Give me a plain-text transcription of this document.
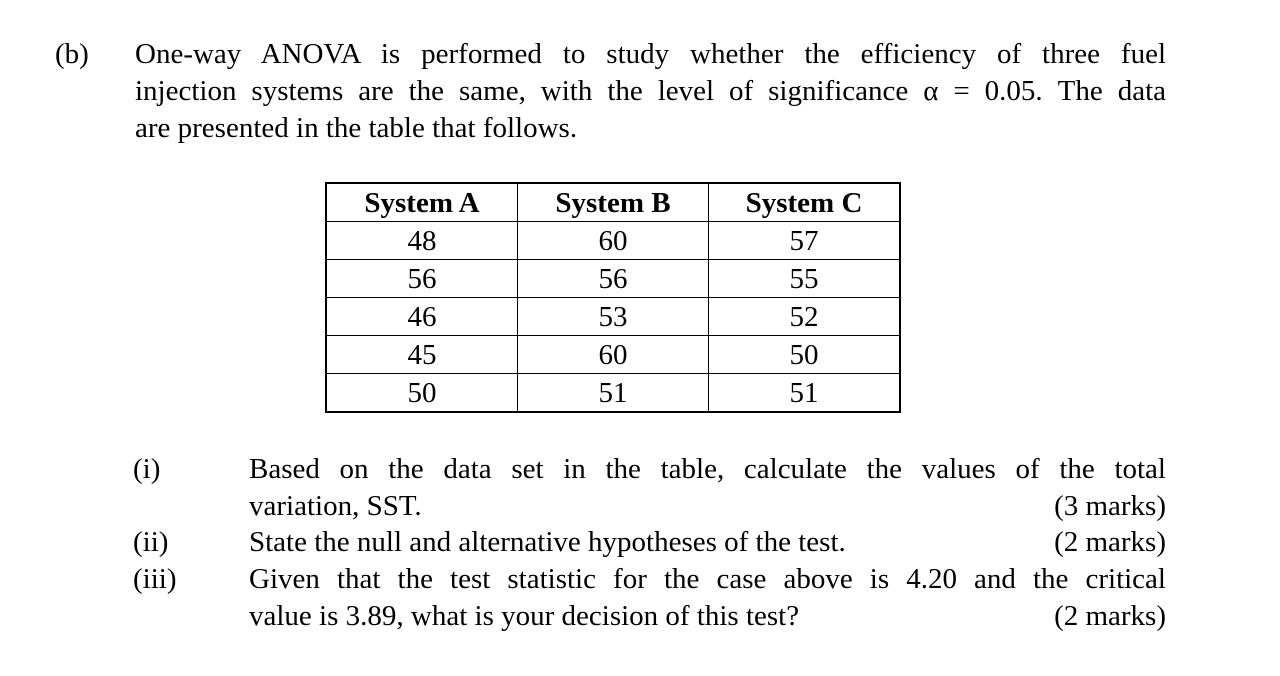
(b) One-way ANOVA is performed to study whether the efficiency of three fuel
injection systems are the same, with the level of significance α = 0.05. The data
are presented in the table that follows.
System A	System B	System C
48	60	57
56	56	55
46	53	52
45	60	50
50	51	51
(i)	Based on the data set in the table, calculate the values of the total
variation, SST.	(3 marks)
(ii)	State the null and alternative hypotheses of the test.	(2 marks)
(iii)	Given that the test statistic for the case above is 4.20 and the critical
value is 3.89, what is your decision of this test?	(2 marks)
